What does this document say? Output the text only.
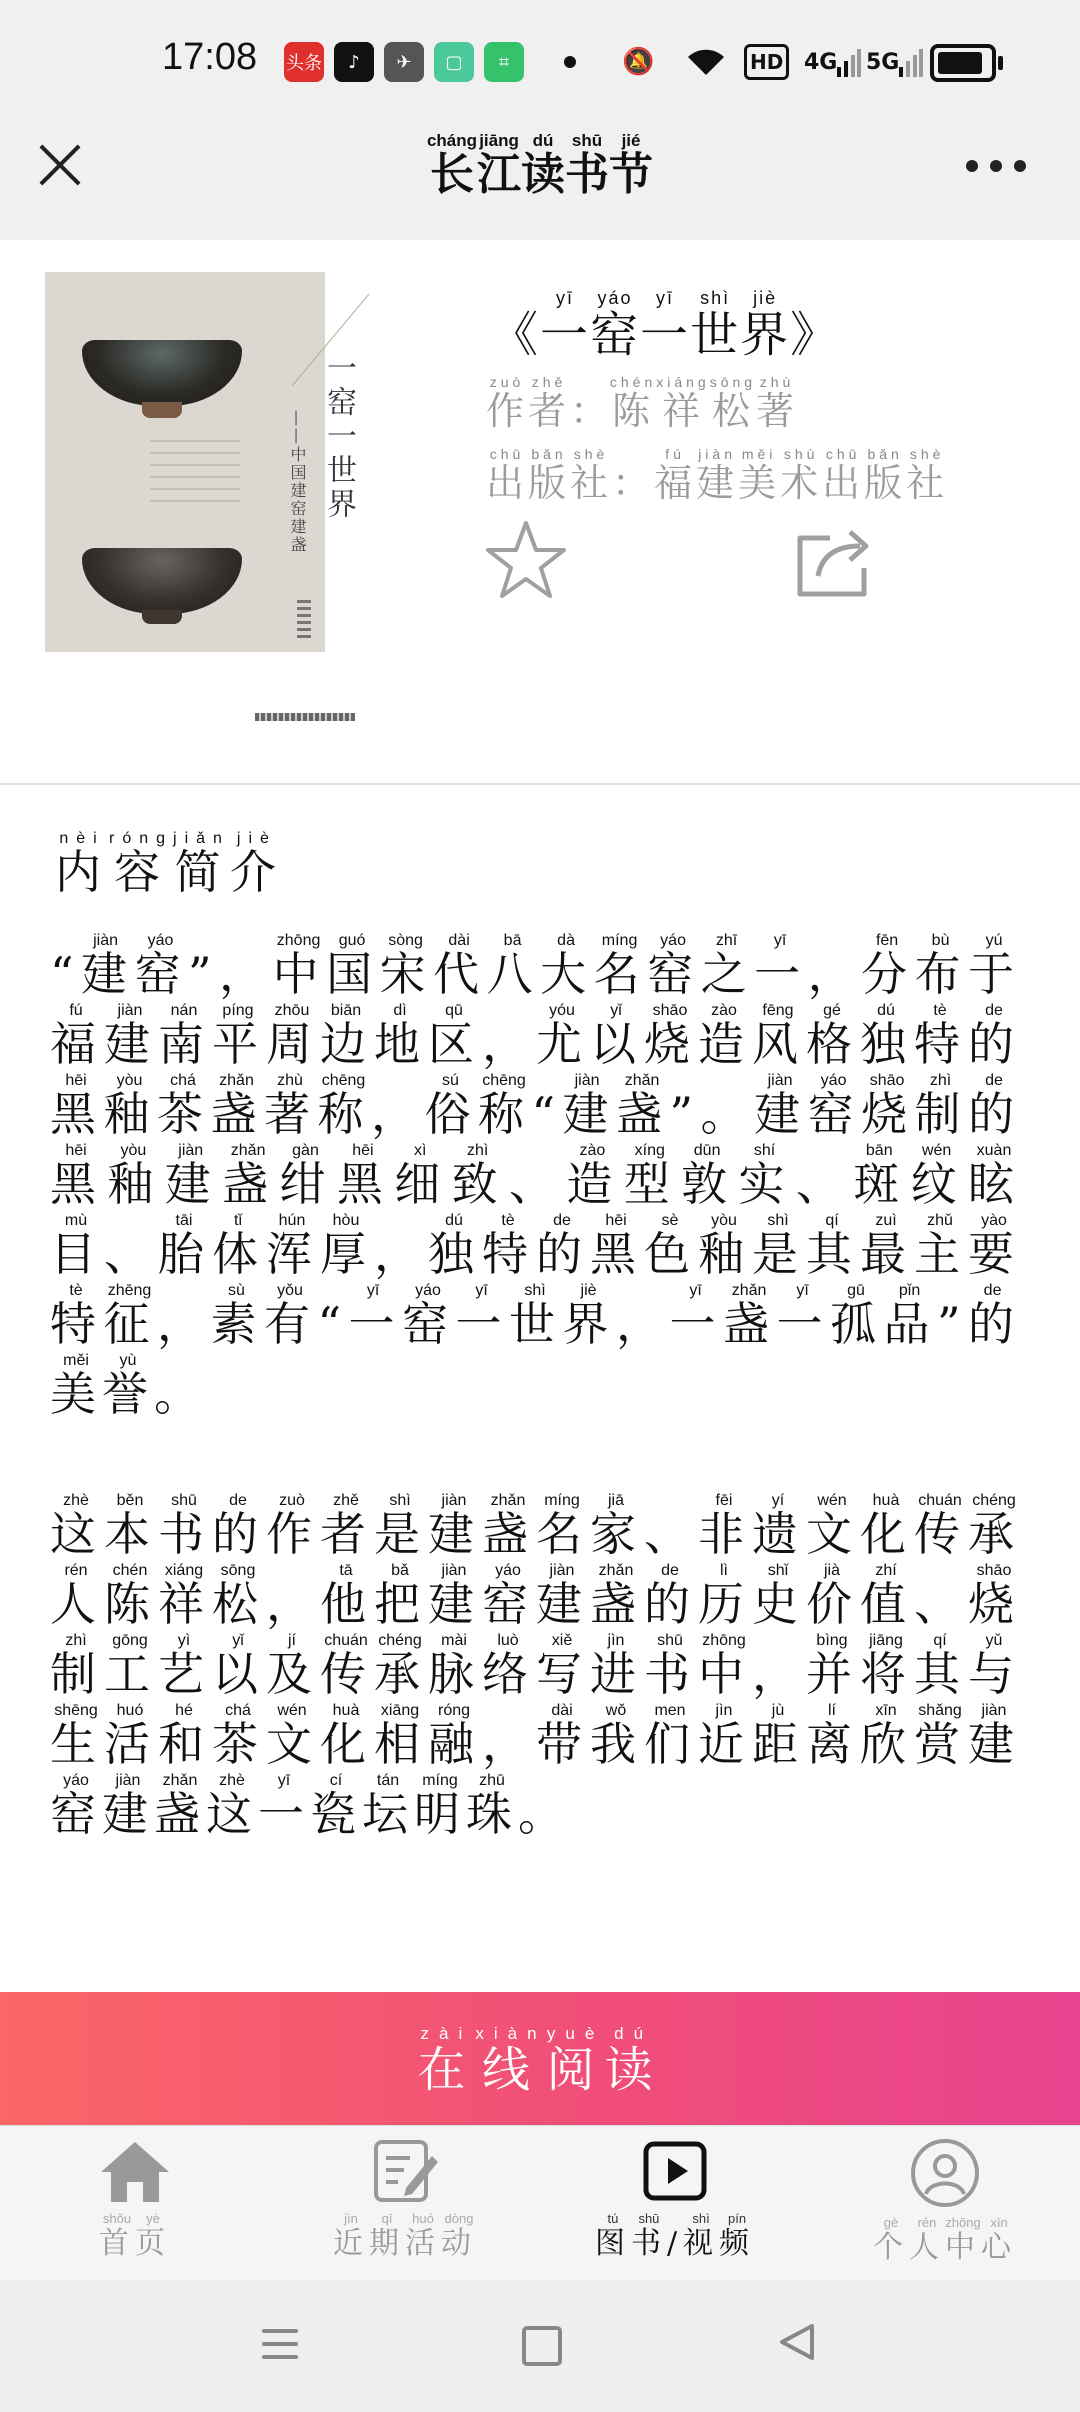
17:08 头条	♪	✈	▢	⌗	🔕	HD 4G 5G
长cháng江jiāng读dú书shū节jié
一窑一世界
——中国建窑建盏
《一yī窑yáo一yī世shì界jiè》
作zuò者zhě：陈chén祥xiáng松sōng著zhù
出chū版bǎn社shè：福fú建jiàn美měi术shù出chū版bǎn社shè
内nèi容róng简jiǎn介jiè
“建jiàn窑yáo”，中zhōng国guó宋sòng代dài八bā大dà名míng窑yáo之zhī一yī，分fēn布bù于yú福fú建jiàn南nán平píng周zhōu边biān地dì区qū，尤yóu以yǐ烧shāo造zào风fēng格gé独dú特tè的de黑hēi釉yòu茶chá盏zhǎn著zhù称chēng，俗sú称chēng“建jiàn盏zhǎn”。建jiàn窑yáo烧shāo制zhì的de黑hēi釉yòu建jiàn盏zhǎn绀gàn黑hēi细xì致zhì、造zào型xíng敦dūn实shí、斑bān纹wén眩xuàn目mù、胎tāi体tǐ浑hún厚hòu，独dú特tè的de黑hēi色sè釉yòu是shì其qí最zuì主zhǔ要yào特tè征zhēng，素sù有yǒu“一yī窑yáo一yī世shì界jiè，一yī盏zhǎn一yī孤gū品pǐn”的de美měi誉yù。
这zhè本běn书shū的de作zuò者zhě是shì建jiàn盏zhǎn名míng家jiā、非fēi遗yí文wén化huà传chuán承chéng人rén陈chén祥xiáng松sōng，他tā把bǎ建jiàn窑yáo建jiàn盏zhǎn的de历lì史shǐ价jià值zhí、烧shāo制zhì工gōng艺yì以yǐ及jí传chuán承chéng脉mài络luò写xiě进jìn书shū中zhōng，并bìng将jiāng其qí与yǔ生shēng活huó和hé茶chá文wén化huà相xiāng融róng，带dài我wǒ们men近jìn距jù离lí欣xīn赏shǎng建jiàn窑yáo建jiàn盏zhǎn这zhè一yī瓷cí坛tán明míng珠zhū。
在zài线xiàn阅yuè读dú
首shǒu页yè
近jìn期qī活huó动dòng
图tú书shū/视shì频pín
个gè人rén中zhōng心xīn
